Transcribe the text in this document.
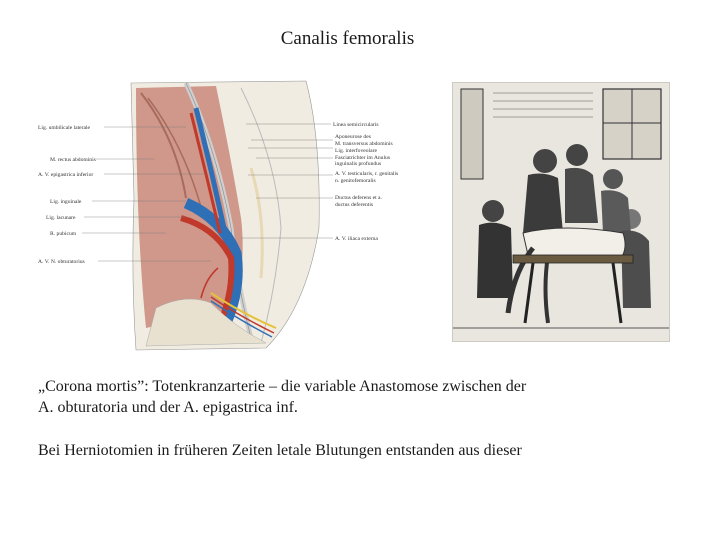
Canalis femoralis
Lig. umbilicale laterale
M. rectus abdominis
A. V. epigastrica inferior
Lig. inguinale
Lig. lacunare
R. pubicum
A. V. N. obturatorius
Linea semicircularis
Aponeurose des
M. transversus abdominis
Lig. interfoveolare
Fasciatrichter im Anulus
inguinalis profundus
A. V. testicularis, r. genitalis
n. genitofemoralis
Ductus deferens et a.
ductus deferentis
A. V. iliaca externa
„Corona mortis”: Totenkranzarterie – die variable Anastomose zwischen der
A. obturatoria und der A. epigastrica inf.
Bei Herniotomien in früheren Zeiten letale Blutungen entstanden aus dieser
